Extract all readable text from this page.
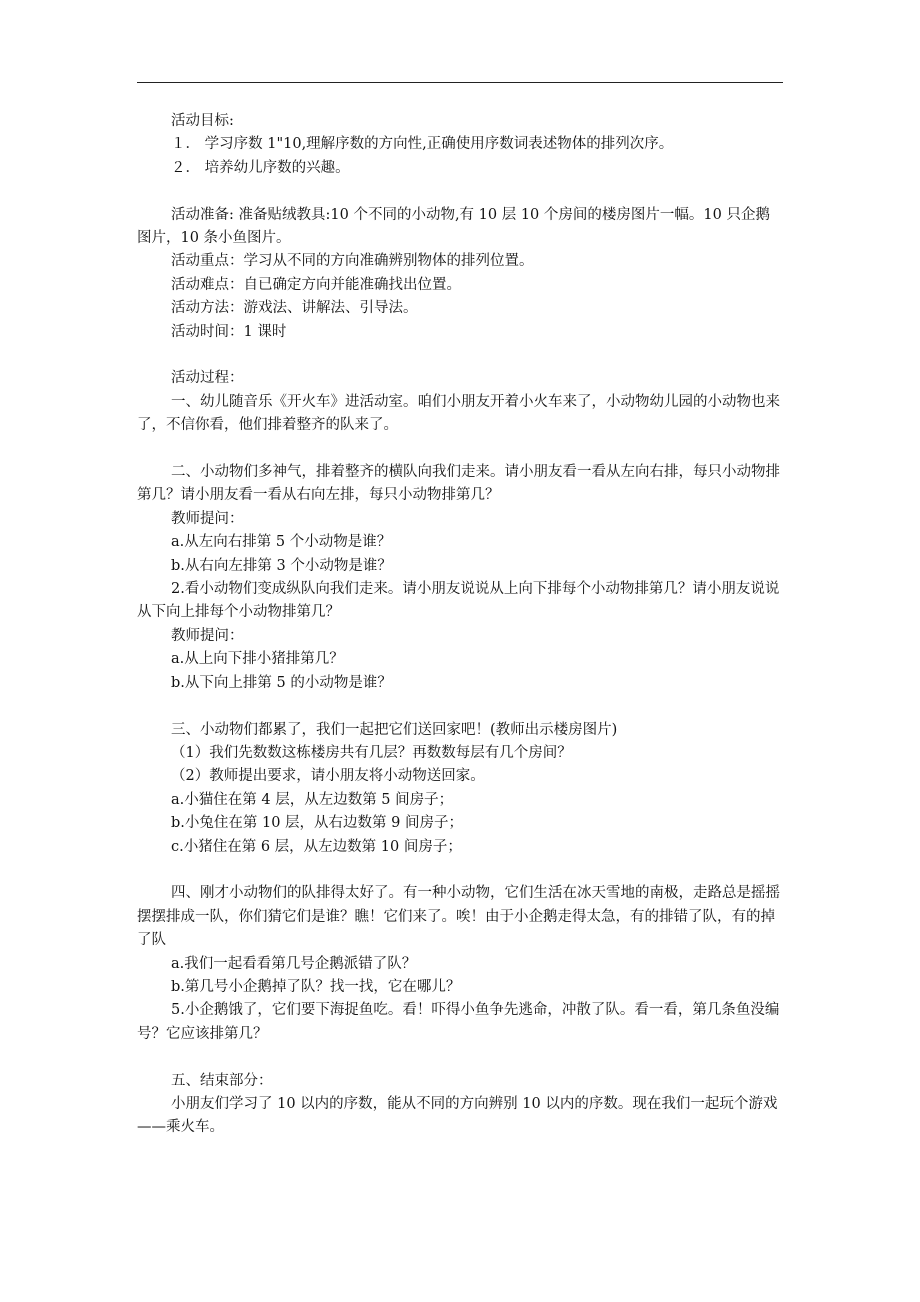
活动目标:

１． 学习序数 1"10,理解序数的方向性,正确使用序数词表述物体的排列次序。

２． 培养幼儿序数的兴趣。

活动准备: 准备贴绒教具:10 个不同的小动物,有 10 层 10 个房间的楼房图片一幅。10 只企鹅图片，10 条小鱼图片。

活动重点：学习从不同的方向准确辨别物体的排列位置。

活动难点：自已确定方向并能准确找出位置。

活动方法：游戏法、讲解法、引导法。

活动时间：1 课时

活动过程：

一、幼儿随音乐《开火车》进活动室。咱们小朋友开着小火车来了，小动物幼儿园的小动物也来了，不信你看，他们排着整齐的队来了。

二、小动物们多神气，排着整齐的横队向我们走来。请小朋友看一看从左向右排，每只小动物排第几？请小朋友看一看从右向左排，每只小动物排第几？

教师提问：

a.从左向右排第 5 个小动物是谁？

b.从右向左排第 3 个小动物是谁？

2.看小动物们变成纵队向我们走来。请小朋友说说从上向下排每个小动物排第几？请小朋友说说从下向上排每个小动物排第几？

教师提问：

a.从上向下排小猪排第几？

b.从下向上排第 5 的小动物是谁？

三、小动物们都累了，我们一起把它们送回家吧！(教师出示楼房图片)

（1）我们先数数这栋楼房共有几层？再数数每层有几个房间？

（2）教师提出要求，请小朋友将小动物送回家。

a.小猫住在第 4 层，从左边数第 5 间房子；

b.小兔住在第 10 层，从右边数第 9 间房子；

c.小猪住在第 6 层，从左边数第 10 间房子；

四、刚才小动物们的队排得太好了。有一种小动物，它们生活在冰天雪地的南极，走路总是摇摇摆摆排成一队，你们猜它们是谁？瞧！它们来了。唉！由于小企鹅走得太急，有的排错了队，有的掉了队

a.我们一起看看第几号企鹅派错了队？

b.第几号小企鹅掉了队？找一找，它在哪儿？

5.小企鹅饿了，它们要下海捉鱼吃。看！吓得小鱼争先逃命，冲散了队。看一看，第几条鱼没编号？它应该排第几？

五、结束部分：

小朋友们学习了 10 以内的序数，能从不同的方向辨别 10 以内的序数。现在我们一起玩个游戏——乘火车。
